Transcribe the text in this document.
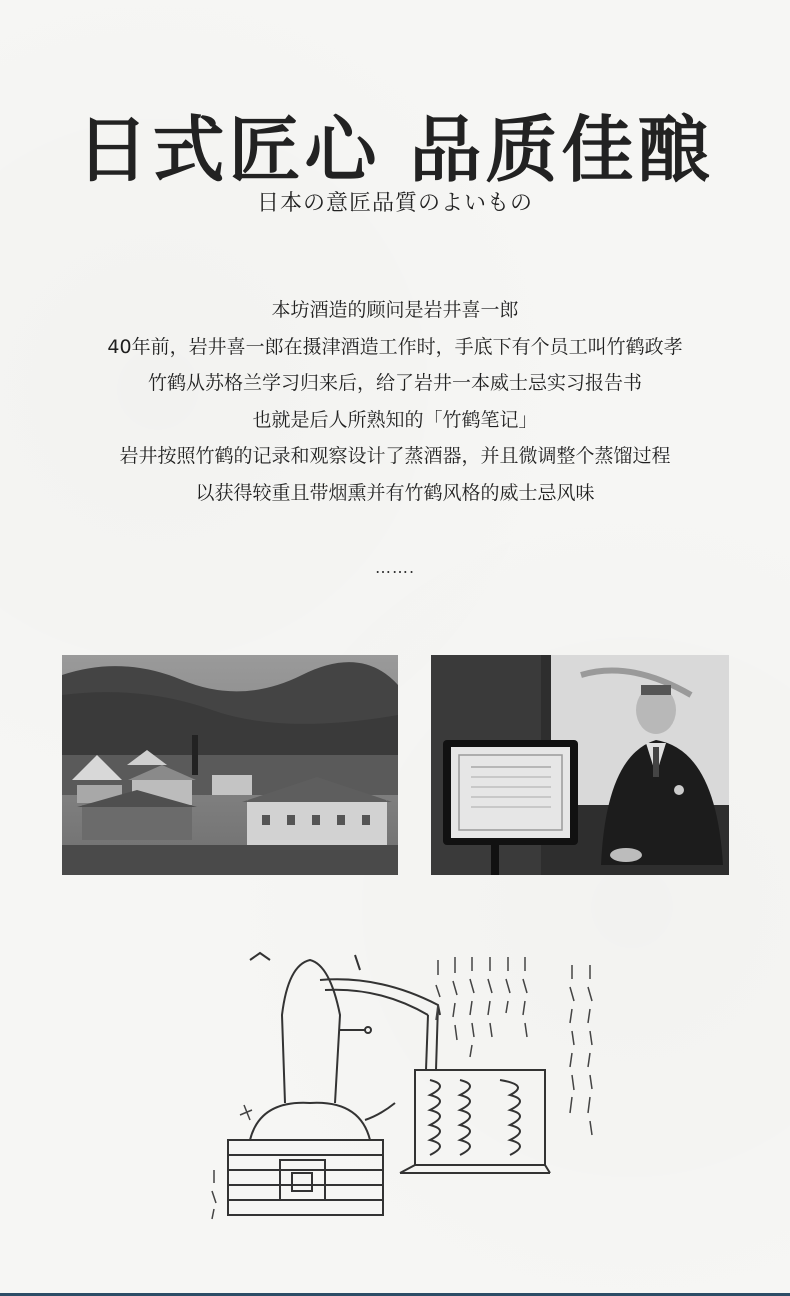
日式匠心 品质佳酿
日本の意匠品質のよいもの
本坊酒造的顾问是岩井喜一郎
40年前，岩井喜一郎在摄津酒造工作时，手底下有个员工叫竹鹤政孝
竹鹤从苏格兰学习归来后，给了岩井一本威士忌实习报告书
也就是后人所熟知的「竹鹤笔记」
岩井按照竹鹤的记录和观察设计了蒸酒器，并且微调整个蒸馏过程
以获得较重且带烟熏并有竹鹤风格的威士忌风味
…….
